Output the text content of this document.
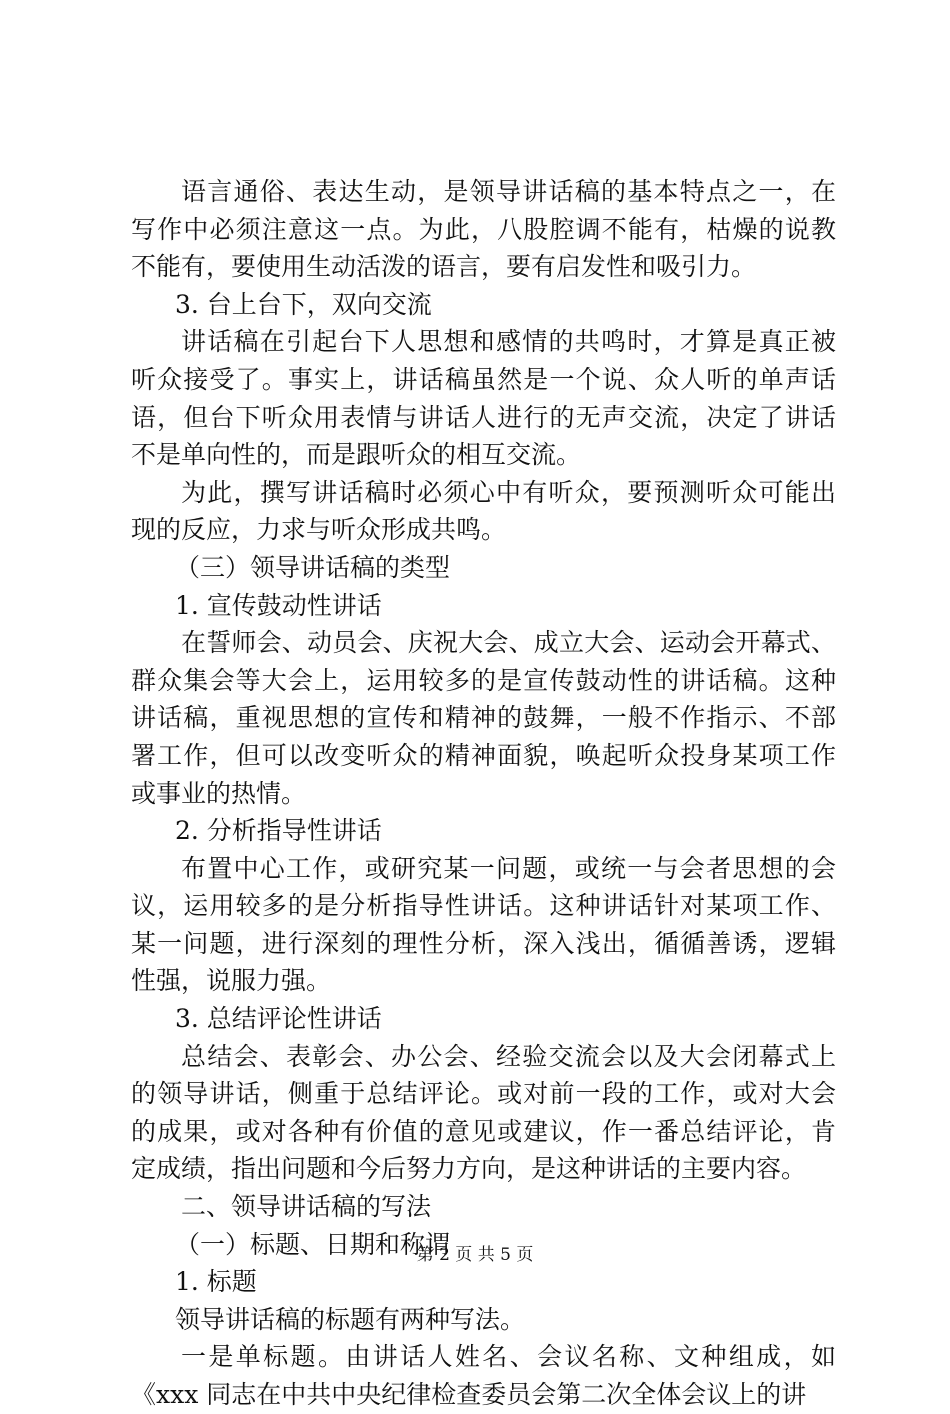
语言通俗、表达生动，是领导讲话稿的基本特点之一，在
写作中必须注意这一点。为此，八股腔调不能有，枯燥的说教
不能有，要使用生动活泼的语言，要有启发性和吸引力。
3. 台上台下，双向交流
讲话稿在引起台下人思想和感情的共鸣时，才算是真正被
听众接受了。事实上，讲话稿虽然是一个说、众人听的单声话
语，但台下听众用表情与讲话人进行的无声交流，决定了讲话
不是单向性的，而是跟听众的相互交流。
为此，撰写讲话稿时必须心中有听众，要预测听众可能出
现的反应，力求与听众形成共鸣。
（三）领导讲话稿的类型
1. 宣传鼓动性讲话
在誓师会、动员会、庆祝大会、成立大会、运动会开幕式、
群众集会等大会上，运用较多的是宣传鼓动性的讲话稿。这种
讲话稿，重视思想的宣传和精神的鼓舞，一般不作指示、不部
署工作，但可以改变听众的精神面貌，唤起听众投身某项工作
或事业的热情。
2. 分析指导性讲话
布置中心工作，或研究某一问题，或统一与会者思想的会
议，运用较多的是分析指导性讲话。这种讲话针对某项工作、
某一问题，进行深刻的理性分析，深入浅出，循循善诱，逻辑
性强，说服力强。
3. 总结评论性讲话
总结会、表彰会、办公会、经验交流会以及大会闭幕式上
的领导讲话，侧重于总结评论。或对前一段的工作，或对大会
的成果，或对各种有价值的意见或建议，作一番总结评论，肯
定成绩，指出问题和今后努力方向，是这种讲话的主要内容。
二、领导讲话稿的写法
（一）标题、日期和称谓
1. 标题
领导讲话稿的标题有两种写法。
一是单标题。由讲话人姓名、会议名称、文种组成，如
《xxx 同志在中共中央纪律检查委员会第二次全体会议上的讲
第 2 页 共 5 页
